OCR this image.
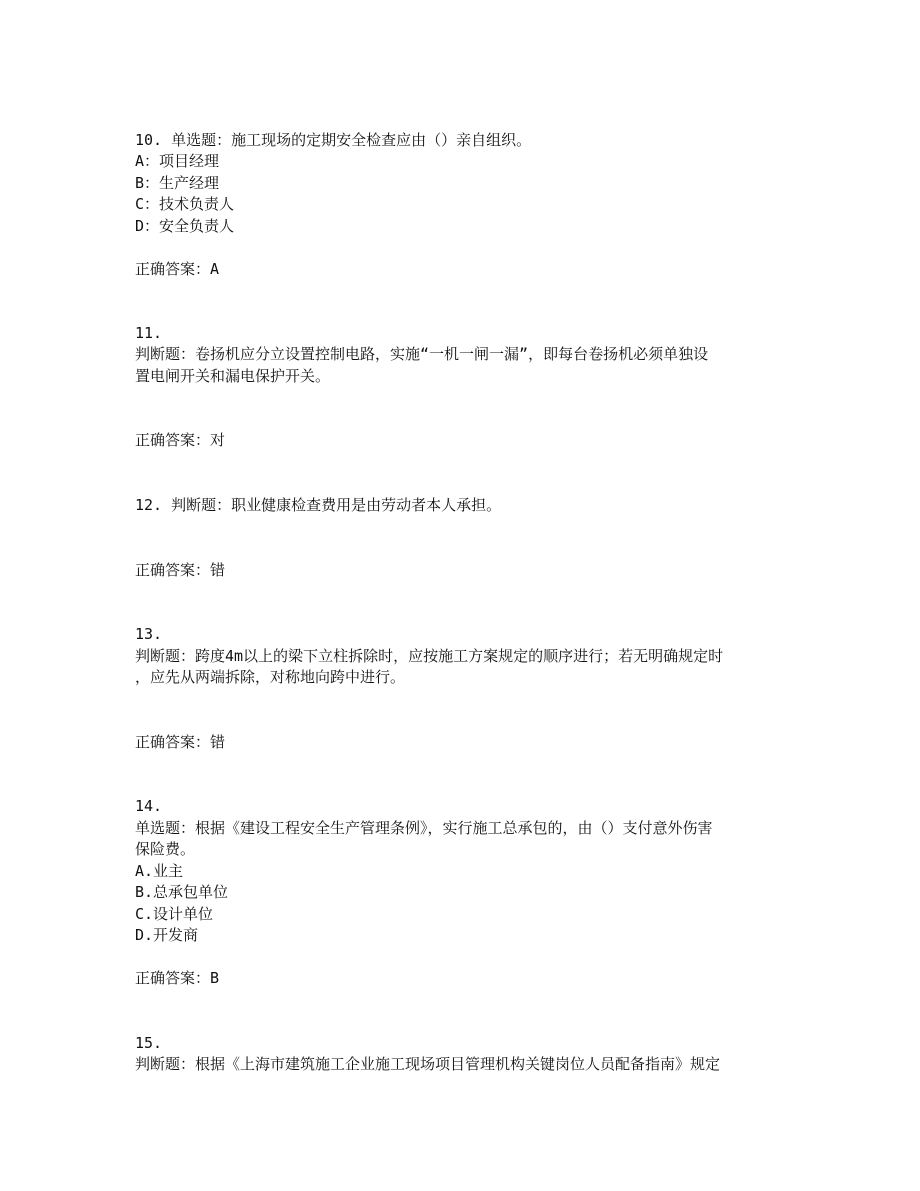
10. 单选题：施工现场的定期安全检查应由（）亲自组织。
A：项目经理
B：生产经理
C：技术负责人
D：安全负责人
正确答案：A
11.
判断题：卷扬机应分立设置控制电路，实施“一机一闸一漏”，即每台卷扬机必须单独设
置电闸开关和漏电保护开关。
正确答案：对
12. 判断题：职业健康检查费用是由劳动者本人承担。
正确答案：错
13.
判断题：跨度4m以上的梁下立柱拆除时，应按施工方案规定的顺序进行；若无明确规定时
，应先从两端拆除，对称地向跨中进行。
正确答案：错
14.
单选题：根据《建设工程安全生产管理条例》，实行施工总承包的，由（）支付意外伤害
保险费。
A.业主
B.总承包单位
C.设计单位
D.开发商
正确答案：B
15.
判断题：根据《上海市建筑施工企业施工现场项目管理机构关键岗位人员配备指南》规定
